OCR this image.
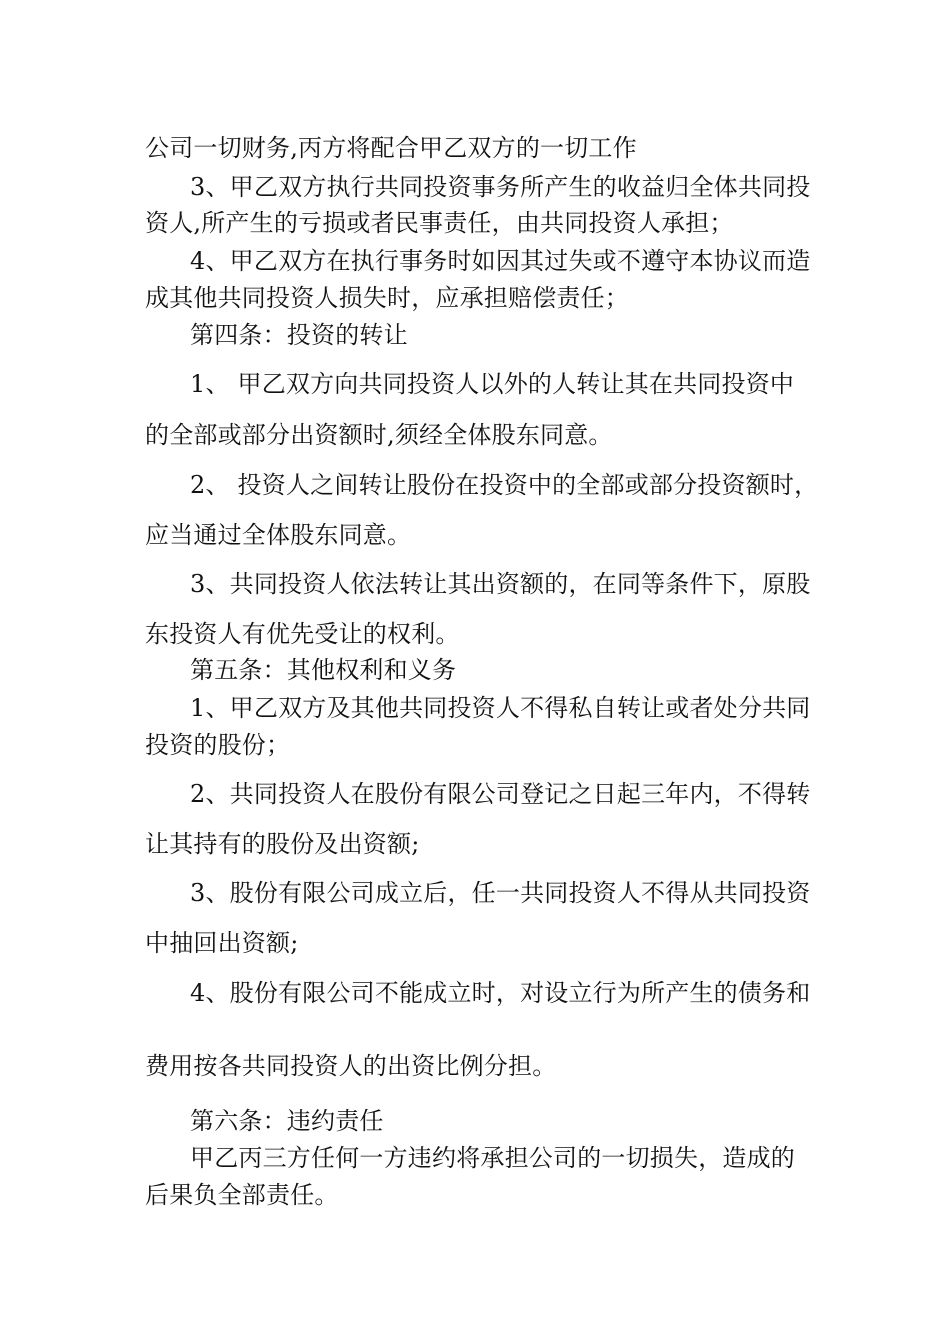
公司一切财务,丙方将配合甲乙双方的一切工作
3、甲乙双方执行共同投资事务所产生的收益归全体共同投
资人,所产生的亏损或者民事责任，由共同投资人承担；
4、甲乙双方在执行事务时如因其过失或不遵守本协议而造
成其他共同投资人损失时，应承担赔偿责任；
第四条：投资的转让
1、 甲乙双方向共同投资人以外的人转让其在共同投资中
的全部或部分出资额时,须经全体股东同意。
2、 投资人之间转让股份在投资中的全部或部分投资额时，
应当通过全体股东同意。
3、共同投资人依法转让其出资额的，在同等条件下，原股
东投资人有优先受让的权利。
第五条：其他权利和义务
1、甲乙双方及其他共同投资人不得私自转让或者处分共同
投资的股份；
2、共同投资人在股份有限公司登记之日起三年内，不得转
让其持有的股份及出资额;
3、股份有限公司成立后，任一共同投资人不得从共同投资
中抽回出资额;
4、股份有限公司不能成立时，对设立行为所产生的债务和
费用按各共同投资人的出资比例分担。
第六条：违约责任
甲乙丙三方任何一方违约将承担公司的一切损失，造成的
后果负全部责任。
